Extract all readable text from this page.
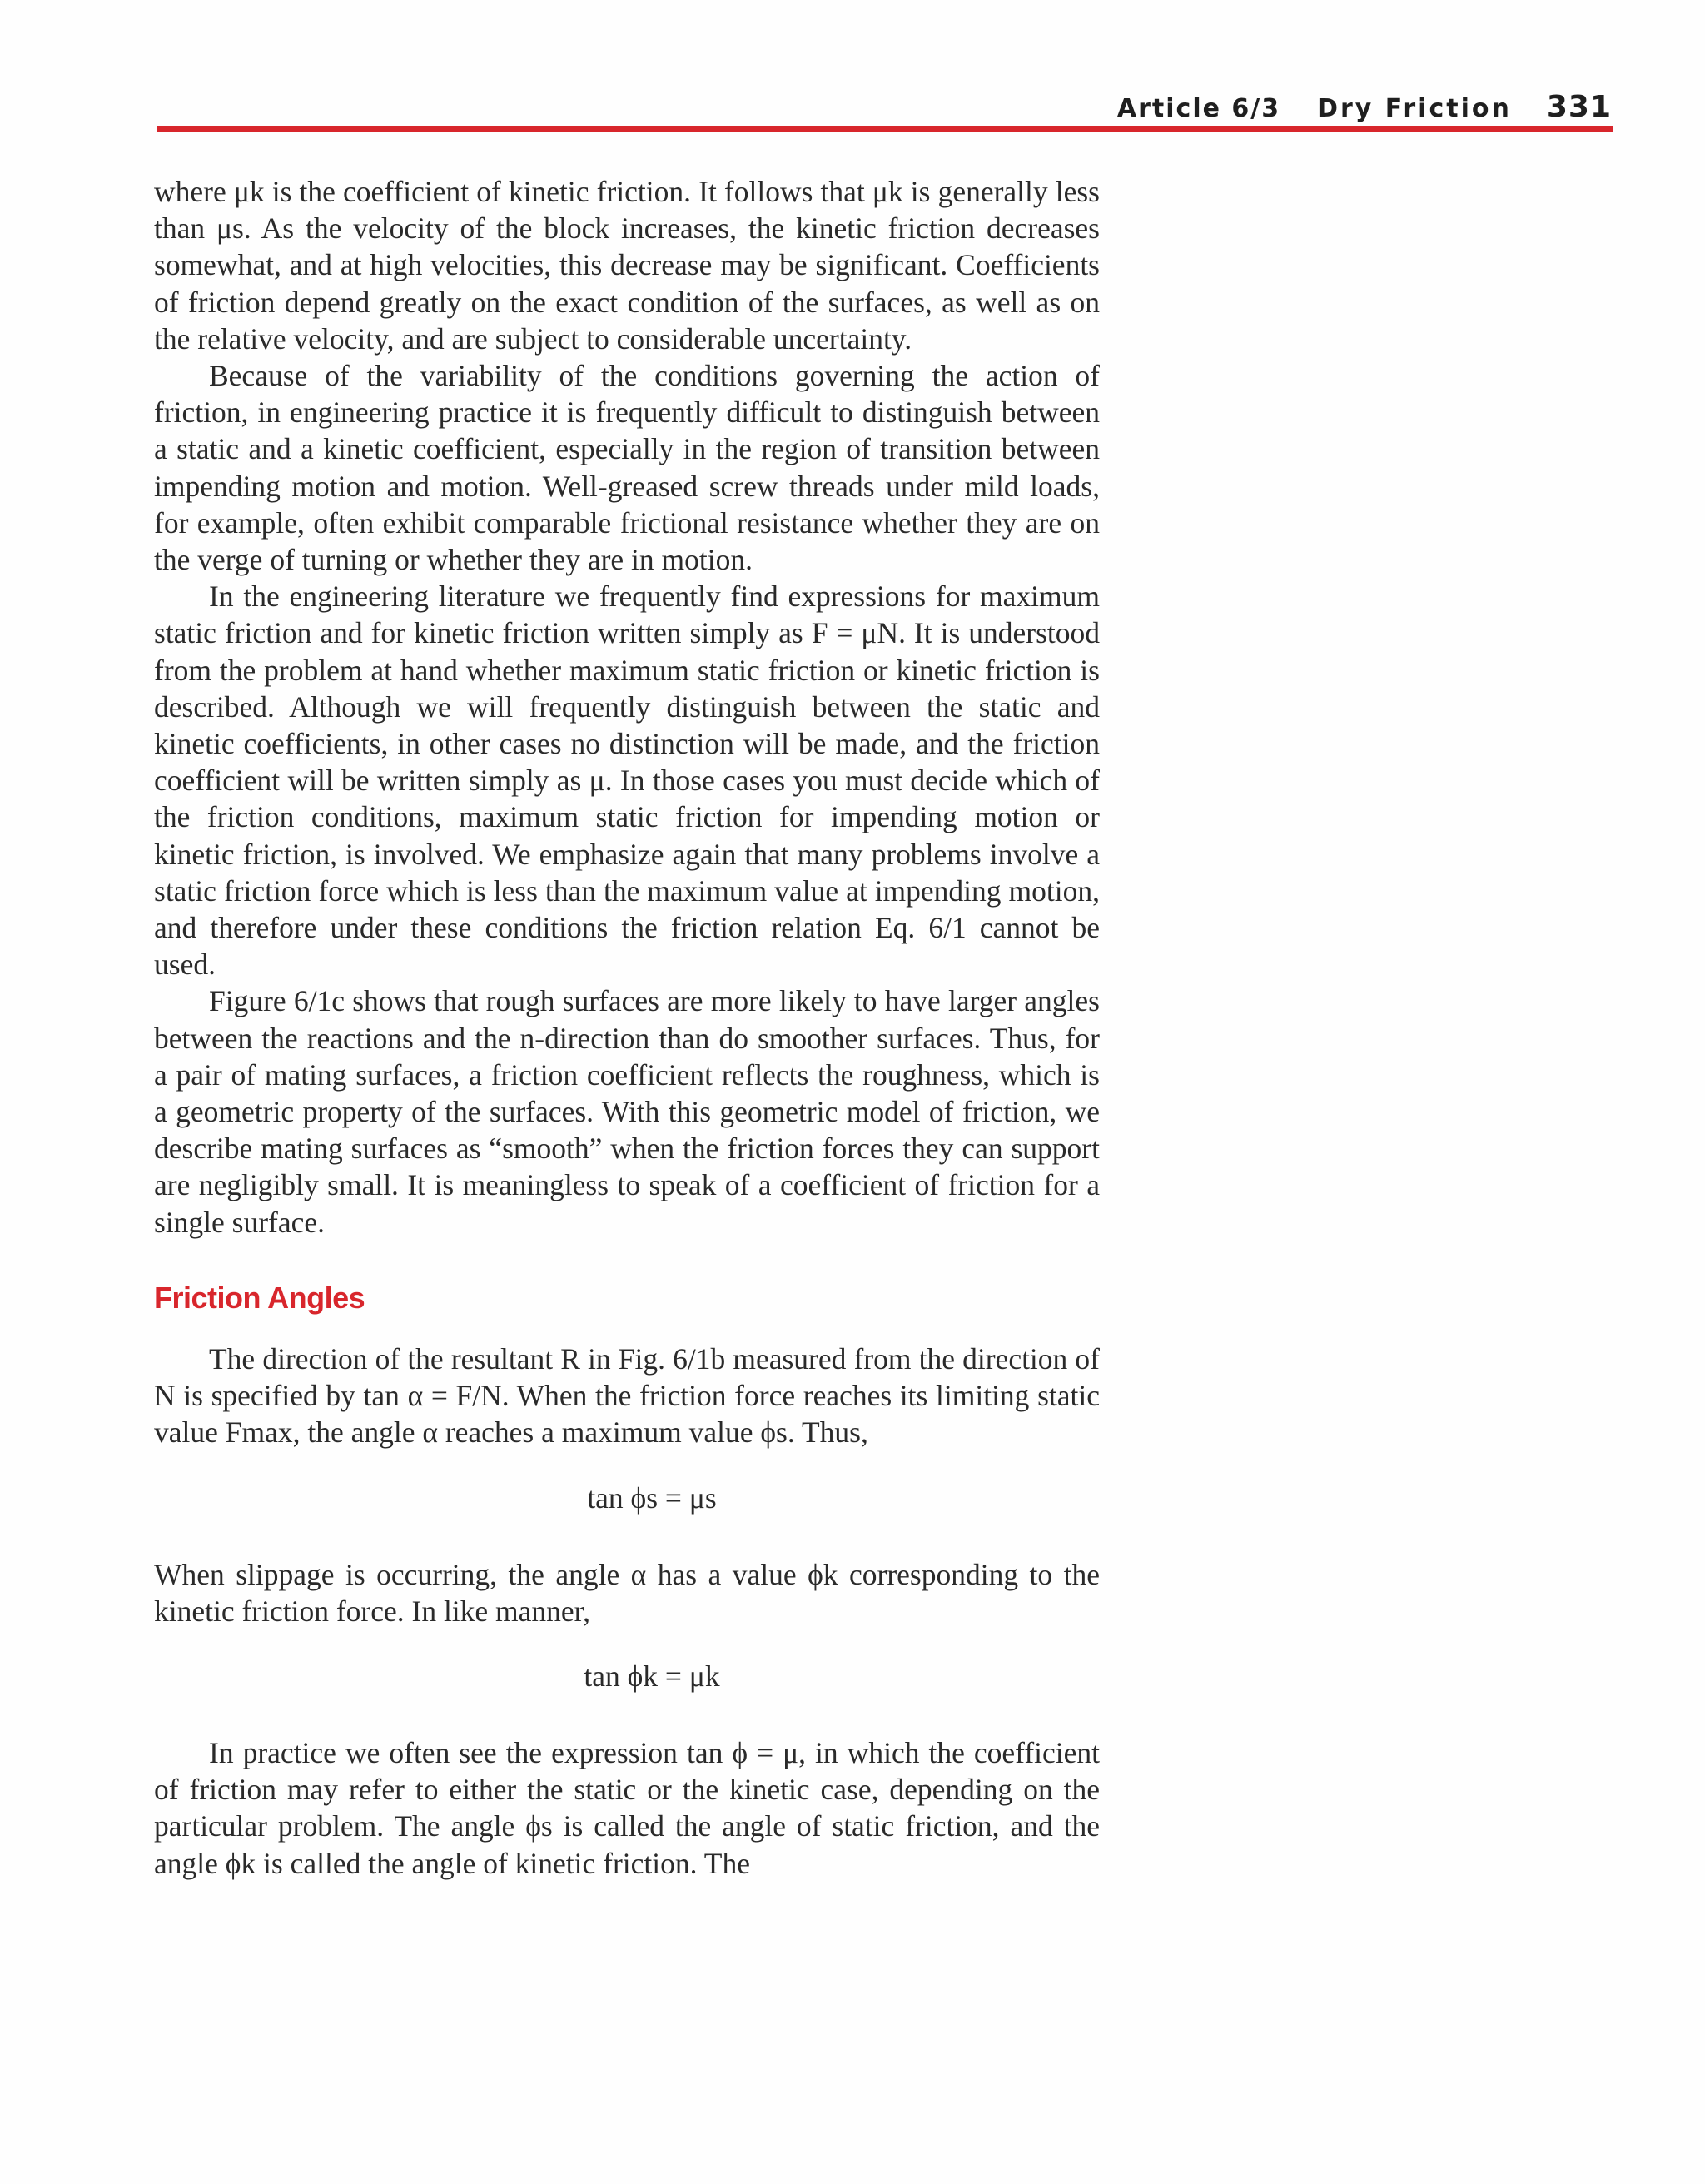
Article 6/3 Dry Friction 331

where μk is the coefficient of kinetic friction. It follows that μk is generally less than μs. As the velocity of the block increases, the kinetic friction decreases somewhat, and at high velocities, this decrease may be significant. Coefficients of friction depend greatly on the exact condition of the surfaces, as well as on the relative velocity, and are subject to considerable uncertainty.

Because of the variability of the conditions governing the action of friction, in engineering practice it is frequently difficult to distinguish between a static and a kinetic coefficient, especially in the region of transition between impending motion and motion. Well-greased screw threads under mild loads, for example, often exhibit comparable frictional resistance whether they are on the verge of turning or whether they are in motion.

In the engineering literature we frequently find expressions for maximum static friction and for kinetic friction written simply as F = μN. It is understood from the problem at hand whether maximum static friction or kinetic friction is described. Although we will frequently distinguish between the static and kinetic coefficients, in other cases no distinction will be made, and the friction coefficient will be written simply as μ. In those cases you must decide which of the friction conditions, maximum static friction for impending motion or kinetic friction, is involved. We emphasize again that many problems involve a static friction force which is less than the maximum value at impending motion, and therefore under these conditions the friction relation Eq. 6/1 cannot be used.

Figure 6/1c shows that rough surfaces are more likely to have larger angles between the reactions and the n-direction than do smoother surfaces. Thus, for a pair of mating surfaces, a friction coefficient reflects the roughness, which is a geometric property of the surfaces. With this geometric model of friction, we describe mating surfaces as “smooth” when the friction forces they can support are negligibly small. It is meaningless to speak of a coefficient of friction for a single surface.

Friction Angles

The direction of the resultant R in Fig. 6/1b measured from the direction of N is specified by tan α = F/N. When the friction force reaches its limiting static value Fmax, the angle α reaches a maximum value ϕs. Thus,

tan ϕs = μs

When slippage is occurring, the angle α has a value ϕk corresponding to the kinetic friction force. In like manner,

tan ϕk = μk

In practice we often see the expression tan ϕ = μ, in which the coefficient of friction may refer to either the static or the kinetic case, depending on the particular problem. The angle ϕs is called the angle of static friction, and the angle ϕk is called the angle of kinetic friction. The
